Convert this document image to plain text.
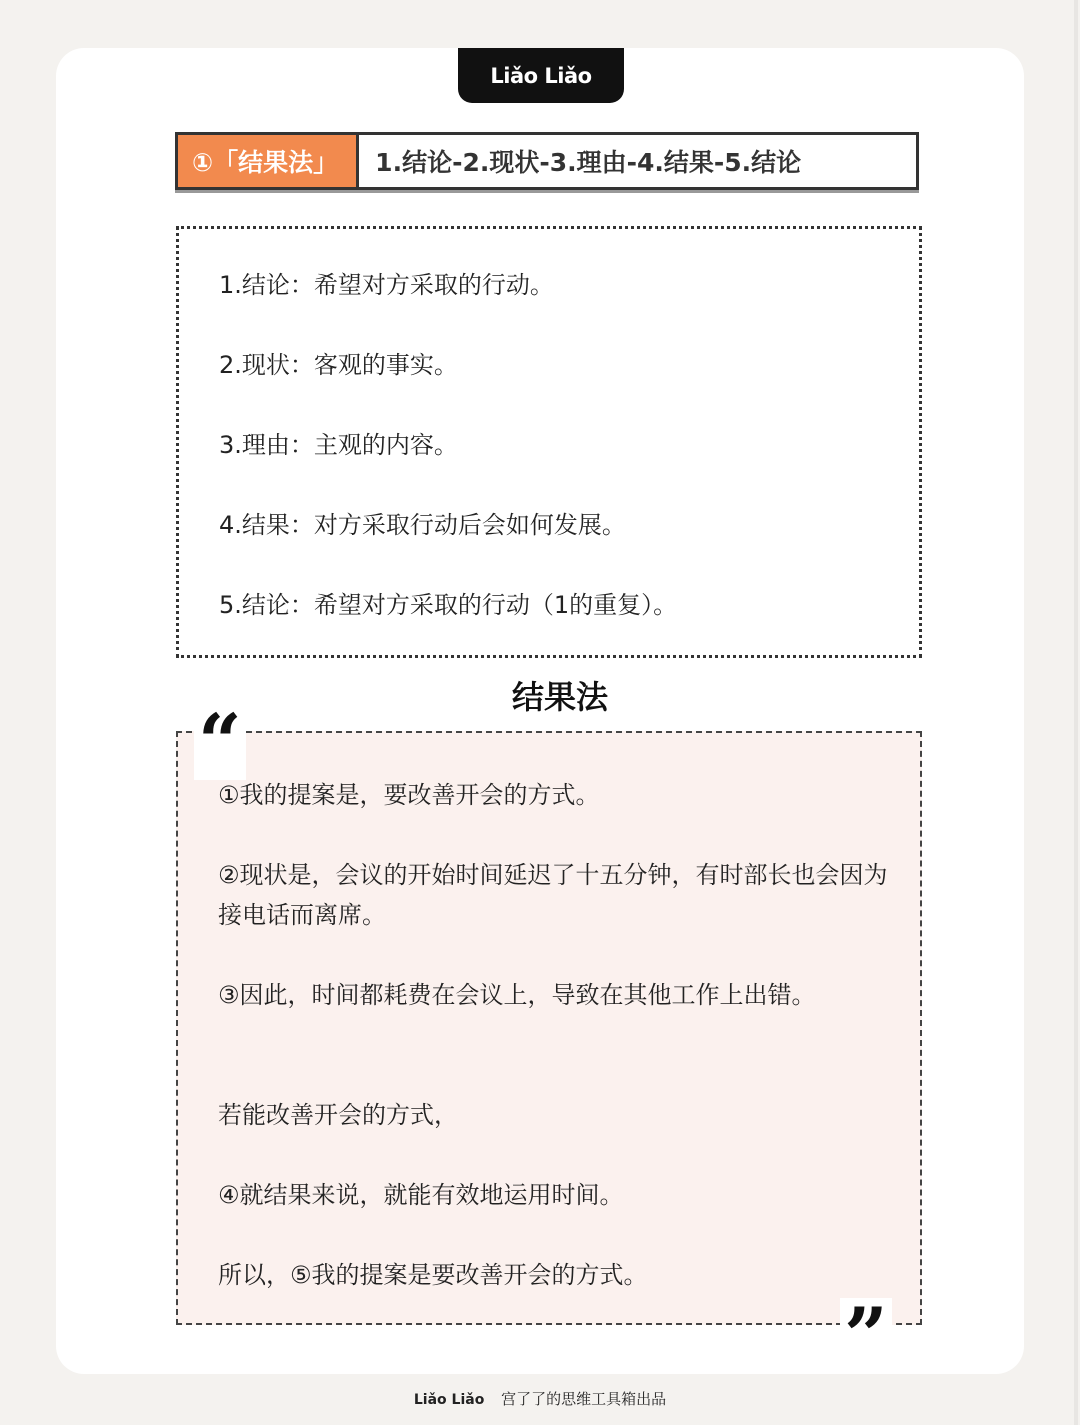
Liǎo Liǎo
①「结果法」	1.结论-2.现状-3.理由-4.结果-5.结论
1.结论：希望对方采取的行动。
2.现状：客观的事实。
3.理由：主观的内容。
4.结果：对方采取行动后会如何发展。
5.结论：希望对方采取的行动（1的重复）。
结果法
①我的提案是，要改善开会的方式。
②现状是，会议的开始时间延迟了十五分钟，有时部长也会因为接电话而离席。
③因此，时间都耗费在会议上，导致在其他工作上出错。
若能改善开会的方式，
④就结果来说，就能有效地运用时间。
所以，⑤我的提案是要改善开会的方式。
“
”
Liǎo Liǎo 宫了了的思维工具箱出品
